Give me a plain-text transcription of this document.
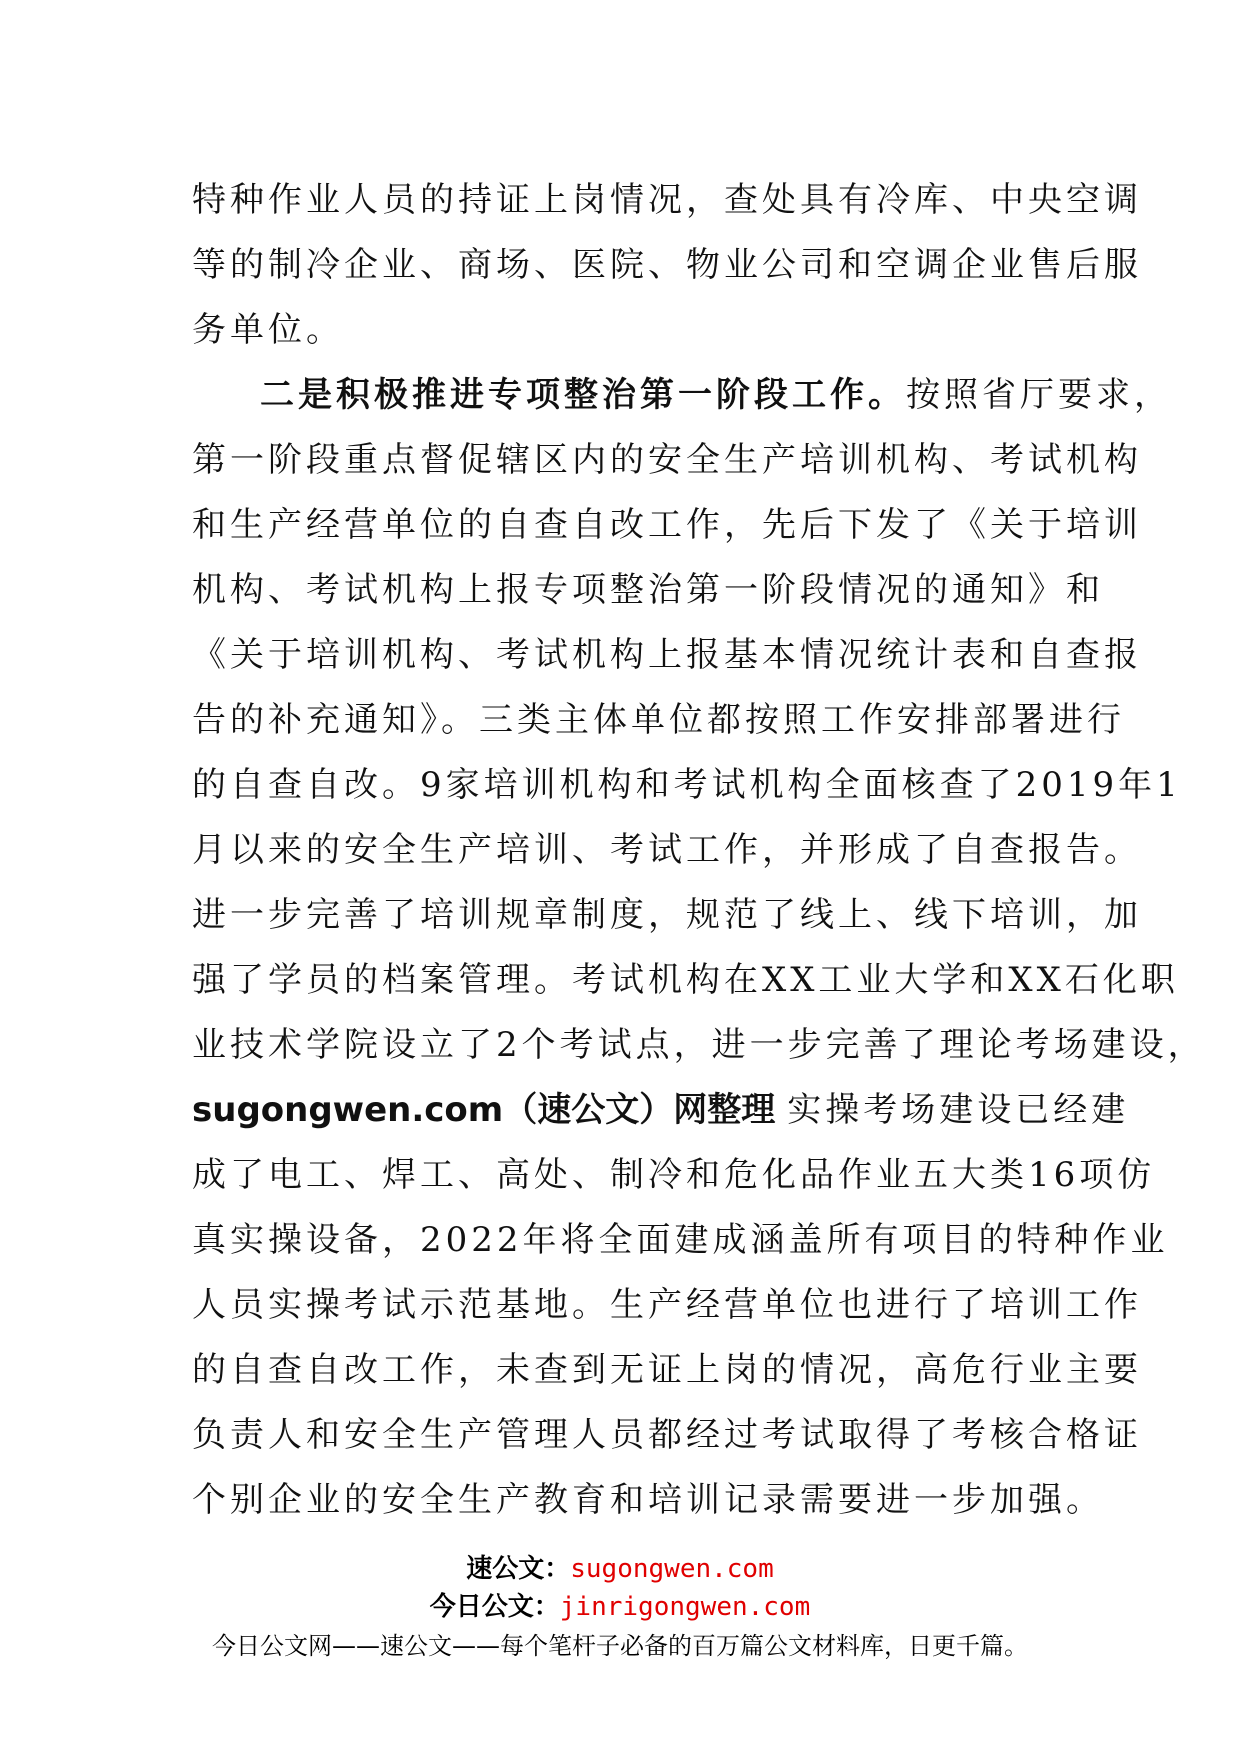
特种作业人员的持证上岗情况，查处具有冷库、中央空调
等的制冷企业、商场、医院、物业公司和空调企业售后服
务单位。
二是积极推进专项整治第一阶段工作。按照省厅要求，
第一阶段重点督促辖区内的安全生产培训机构、考试机构
和生产经营单位的自查自改工作，先后下发了《关于培训
机构、考试机构上报专项整治第一阶段情况的通知》和
《关于培训机构、考试机构上报基本情况统计表和自查报
告的补充通知》。三类主体单位都按照工作安排部署进行
的自查自改。9家培训机构和考试机构全面核查了2019年1
月以来的安全生产培训、考试工作，并形成了自查报告。
进一步完善了培训规章制度，规范了线上、线下培训，加
强了学员的档案管理。考试机构在XX工业大学和XX石化职
业技术学院设立了2个考试点，进一步完善了理论考场建设，
sugongwen.com（速公文）网整理 实操考场建设已经建
成了电工、焊工、高处、制冷和危化品作业五大类16项仿
真实操设备，2022年将全面建成涵盖所有项目的特种作业
人员实操考试示范基地。生产经营单位也进行了培训工作
的自查自改工作，未查到无证上岗的情况，高危行业主要
负责人和安全生产管理人员都经过考试取得了考核合格证
个别企业的安全生产教育和培训记录需要进一步加强。
速公文：sugongwen.com
今日公文：jinrigongwen.com
今日公文网——速公文——每个笔杆子必备的百万篇公文材料库，日更千篇。
